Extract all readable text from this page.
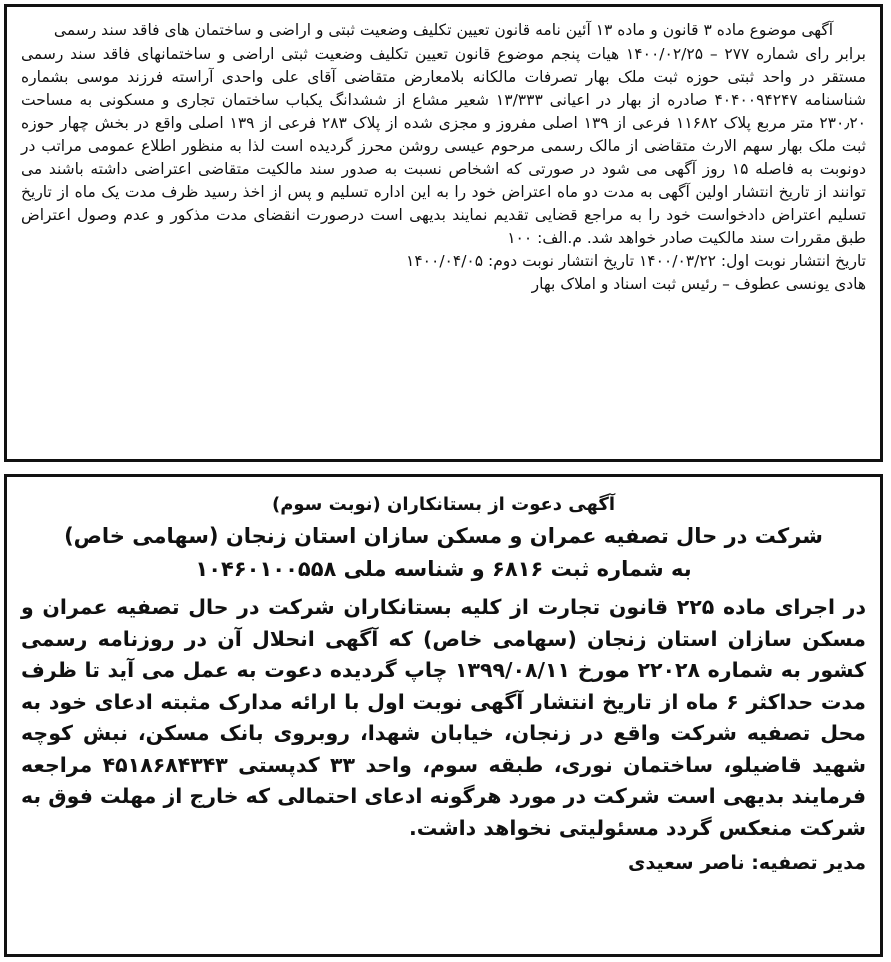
آگهی موضوع ماده ۳ قانون و ماده ۱۳ آئین نامه قانون تعیین تکلیف وضعیت ثبتی و اراضی و ساختمان های فاقد سند رسمی

برابر رای شماره ۲۷۷ – ۱۴۰۰/۰۲/۲۵ هیات پنجم موضوع قانون تعیین تکلیف وضعیت ثبتی اراضی و ساختمانهای فاقد سند رسمی مستقر در واحد ثبتی حوزه ثبت ملک بهار تصرفات مالکانه بلامعارض متقاضی آقای علی واحدی آراسته فرزند موسی بشماره شناسنامه ۴۰۴۰۰۹۴۲۴۷ صادره از بهار در اعیانی ۱۳/۳۳۳ شعیر مشاع از ششدانگ یکباب ساختمان تجاری و مسکونی به مساحت ۲۳۰٫۲۰ متر مربع پلاک ۱۱۶۸۲ فرعی از ۱۳۹ اصلی مفروز و مجزی شده از پلاک ۲۸۳ فرعی از ۱۳۹ اصلی واقع در بخش چهار حوزه ثبت ملک بهار سهم الارث متقاضی از مالک رسمی مرحوم عیسی روشن محرز گردیده است لذا به منظور اطلاع عمومی مراتب در دونوبت به فاصله ۱۵ روز آگهی می شود در صورتی که اشخاص نسبت به صدور سند مالکیت متقاضی اعتراضی داشته باشند می توانند از تاریخ انتشار اولین آگهی به مدت دو ماه اعتراض خود را به این اداره تسلیم و پس از اخذ رسید ظرف مدت یک ماه از تاریخ تسلیم اعتراض دادخواست خود را به مراجع قضایی تقدیم نمایند بدیهی است درصورت انقضای مدت مذکور و عدم وصول اعتراض طبق مقررات سند مالکیت صادر خواهد شد. م.الف: ۱۰۰

تاریخ انتشار نوبت اول: ۱۴۰۰/۰۳/۲۲ تاریخ انتشار نوبت دوم: ۱۴۰۰/۰۴/۰۵

هادی یونسی عطوف – رئیس ثبت اسناد و املاک بهار

آگهی دعوت از بستانکاران (نوبت سوم)

شرکت در حال تصفیه عمران و مسکن سازان استان زنجان (سهامی خاص)

به شماره ثبت ۶۸۱۶ و شناسه ملی ۱۰۴۶۰۱۰۰۵۵۸

در اجرای ماده ۲۲۵ قانون تجارت از کلیه بستانکاران شرکت در حال تصفیه عمران و مسکن سازان استان زنجان (سهامی خاص) که آگهی انحلال آن در روزنامه رسمی کشور به شماره ۲۲۰۲۸ مورخ ۱۳۹۹/۰۸/۱۱ چاپ گردیده دعوت به عمل می آید تا ظرف مدت حداکثر ۶ ماه از تاریخ انتشار آگهی نوبت اول با ارائه مدارک مثبته ادعای خود به محل تصفیه شرکت واقع در زنجان، خیابان شهدا، روبروی بانک مسکن، نبش کوچه شهید قاضیلو، ساختمان نوری، طبقه سوم، واحد ۳۳ کدپستی ۴۵۱۸۶۸۴۳۴۳ مراجعه فرمایند بدیهی است شرکت در مورد هرگونه ادعای احتمالی که خارج از مهلت فوق به شرکت منعکس گردد مسئولیتی نخواهد داشت.

مدیر تصفیه: ناصر سعیدی
